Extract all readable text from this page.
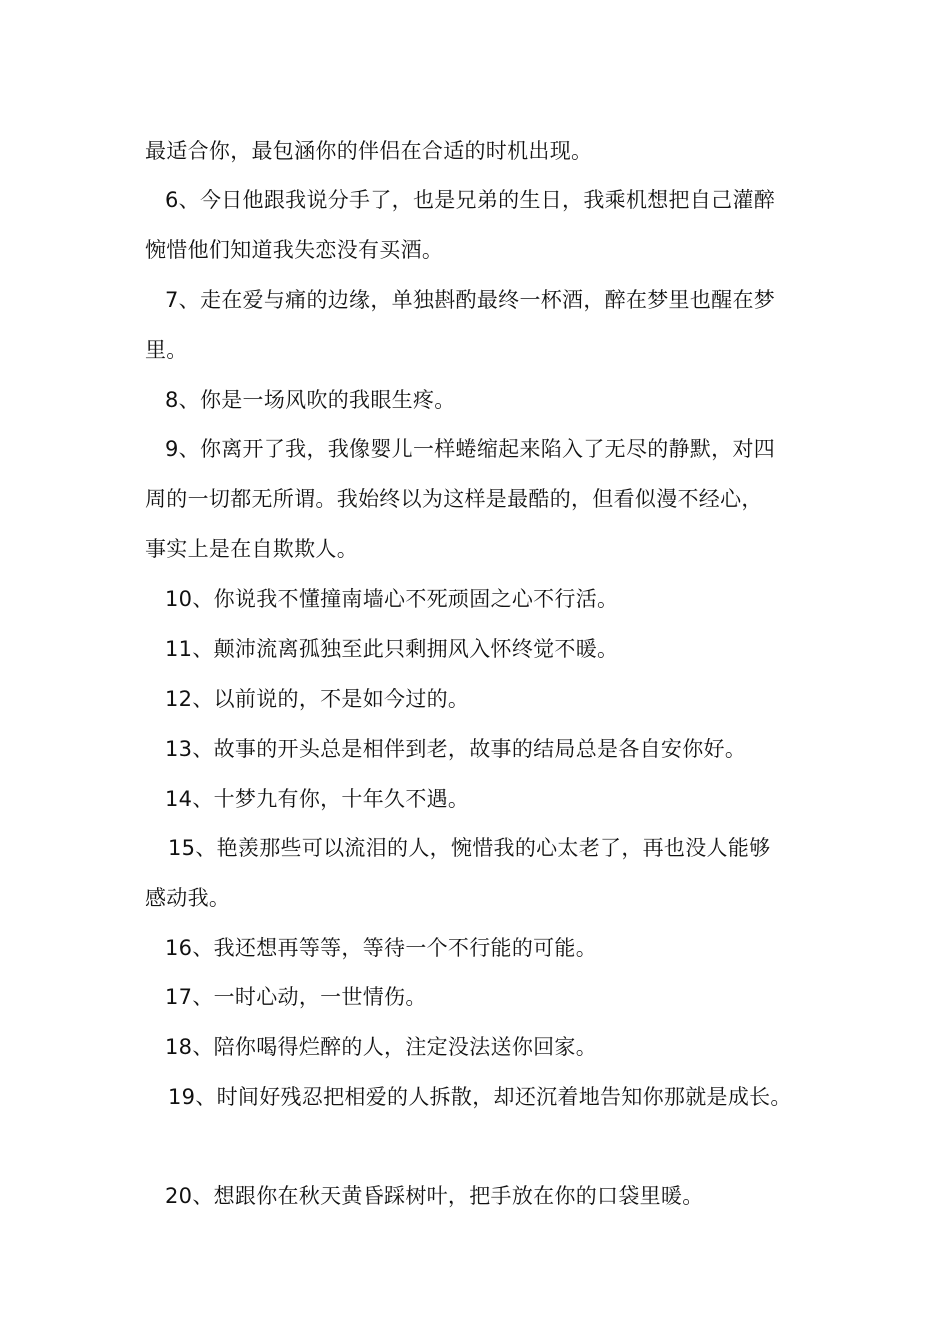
最适合你，最包涵你的伴侣在合适的时机出现。
6、今日他跟我说分手了，也是兄弟的生日，我乘机想把自己灌醉
惋惜他们知道我失恋没有买酒。
7、走在爱与痛的边缘，单独斟酌最终一杯酒，醉在梦里也醒在梦
里。
8、你是一场风吹的我眼生疼。
9、你离开了我，我像婴儿一样蜷缩起来陷入了无尽的静默，对四
周的一切都无所谓。我始终以为这样是最酷的，但看似漫不经心，
事实上是在自欺欺人。
10、你说我不懂撞南墙心不死顽固之心不行活。
11、颠沛流离孤独至此只剩拥风入怀终觉不暖。
12、以前说的，不是如今过的。
13、故事的开头总是相伴到老，故事的结局总是各自安你好。
14、十梦九有你，十年久不遇。
15、艳羡那些可以流泪的人，惋惜我的心太老了，再也没人能够
感动我。
16、我还想再等等，等待一个不行能的可能。
17、一时心动，一世情伤。
18、陪你喝得烂醉的人，注定没法送你回家。
19、时间好残忍把相爱的人拆散，却还沉着地告知你那就是成长。
20、想跟你在秋天黄昏踩树叶，把手放在你的口袋里暖。
